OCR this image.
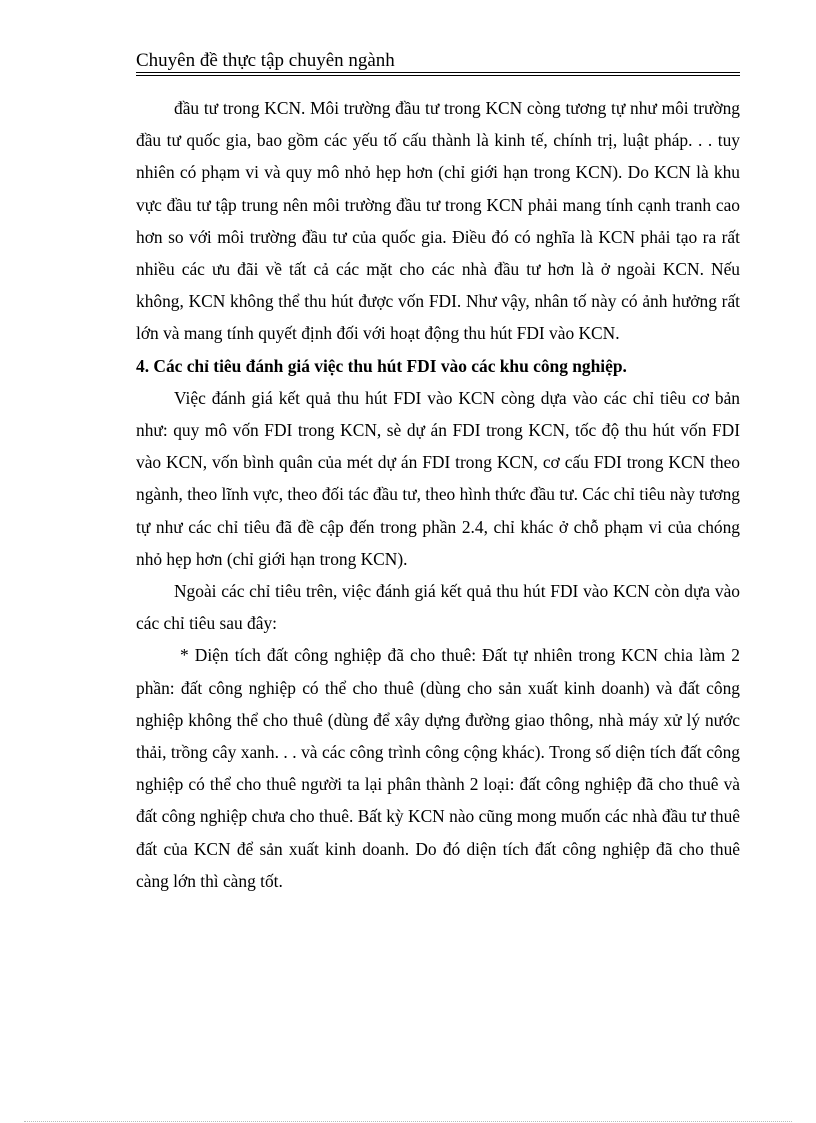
Chuyên đề thực tập chuyên ngành

đầu tư trong KCN. Môi trường đầu tư trong KCN còng tương tự như môi trường đầu tư quốc gia, bao gồm các yếu tố cấu thành là kinh tế, chính trị, luật pháp. . . tuy nhiên có phạm vi và quy mô nhỏ hẹp hơn (chỉ giới hạn trong KCN). Do KCN là khu vực đầu tư tập trung nên môi trường đầu tư trong KCN phải mang tính cạnh tranh cao hơn so với môi trường đầu tư của quốc gia. Điều đó có nghĩa là KCN phải tạo ra rất nhiều các ưu đãi về tất cả các mặt cho các nhà đầu tư hơn là ở ngoài KCN. Nếu không, KCN không thể thu hút được vốn FDI. Như vậy, nhân tố này có ảnh hưởng rất lớn và mang tính quyết định đối với hoạt động thu hút FDI vào KCN.

4. Các chỉ tiêu đánh giá việc thu hút FDI vào các khu công nghiệp.

Việc đánh giá kết quả thu hút FDI vào KCN còng dựa vào các chỉ tiêu cơ bản như: quy mô vốn FDI trong KCN, sè dự án FDI trong KCN, tốc độ thu hút vốn FDI vào KCN, vốn bình quân của mét dự án FDI trong KCN, cơ cấu FDI trong KCN theo ngành, theo lĩnh vực, theo đối tác đầu tư, theo hình thức đầu tư. Các chỉ tiêu này tương tự như các chỉ tiêu đã đề cập đến trong phần 2.4, chỉ khác ở chỗ phạm vi của chóng nhỏ hẹp hơn (chỉ giới hạn trong KCN).

Ngoài các chỉ tiêu trên, việc đánh giá kết quả thu hút FDI vào KCN còn dựa vào các chỉ tiêu sau đây:

* Diện tích đất công nghiệp đã cho thuê: Đất tự nhiên trong KCN chia làm 2 phần: đất công nghiệp có thể cho thuê (dùng cho sản xuất kinh doanh) và đất công nghiệp không thể cho thuê (dùng để xây dựng đường giao thông, nhà máy xử lý nước thải, trồng cây xanh. . . và các công trình công cộng khác). Trong số diện tích đất công nghiệp có thể cho thuê người ta lại phân thành 2 loại: đất công nghiệp đã cho thuê và đất công nghiệp chưa cho thuê. Bất kỳ KCN nào cũng mong muốn các nhà đầu tư thuê đất của KCN để sản xuất kinh doanh. Do đó diện tích đất công nghiệp đã cho thuê càng lớn thì càng tốt.
